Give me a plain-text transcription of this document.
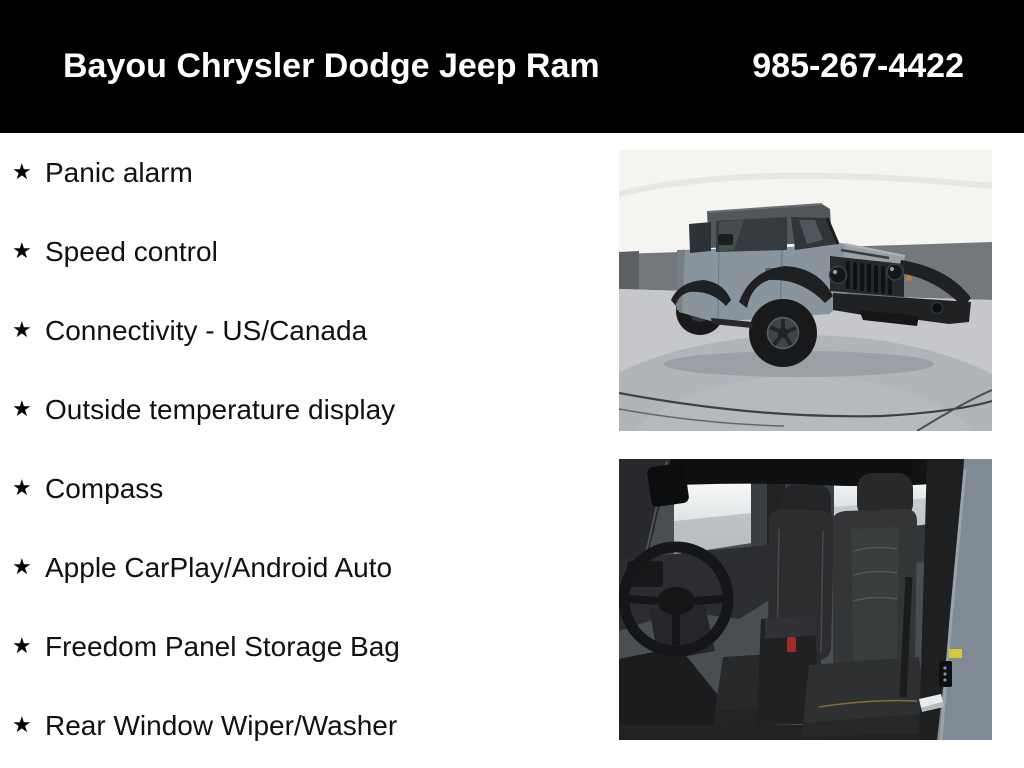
Bayou Chrysler Dodge Jeep Ram	985-267-4422
★ Panic alarm
★ Speed control
★ Connectivity - US/Canada
★ Outside temperature display
★ Compass
★ Apple CarPlay/Android Auto
★ Freedom Panel Storage Bag
★ Rear Window Wiper/Washer
